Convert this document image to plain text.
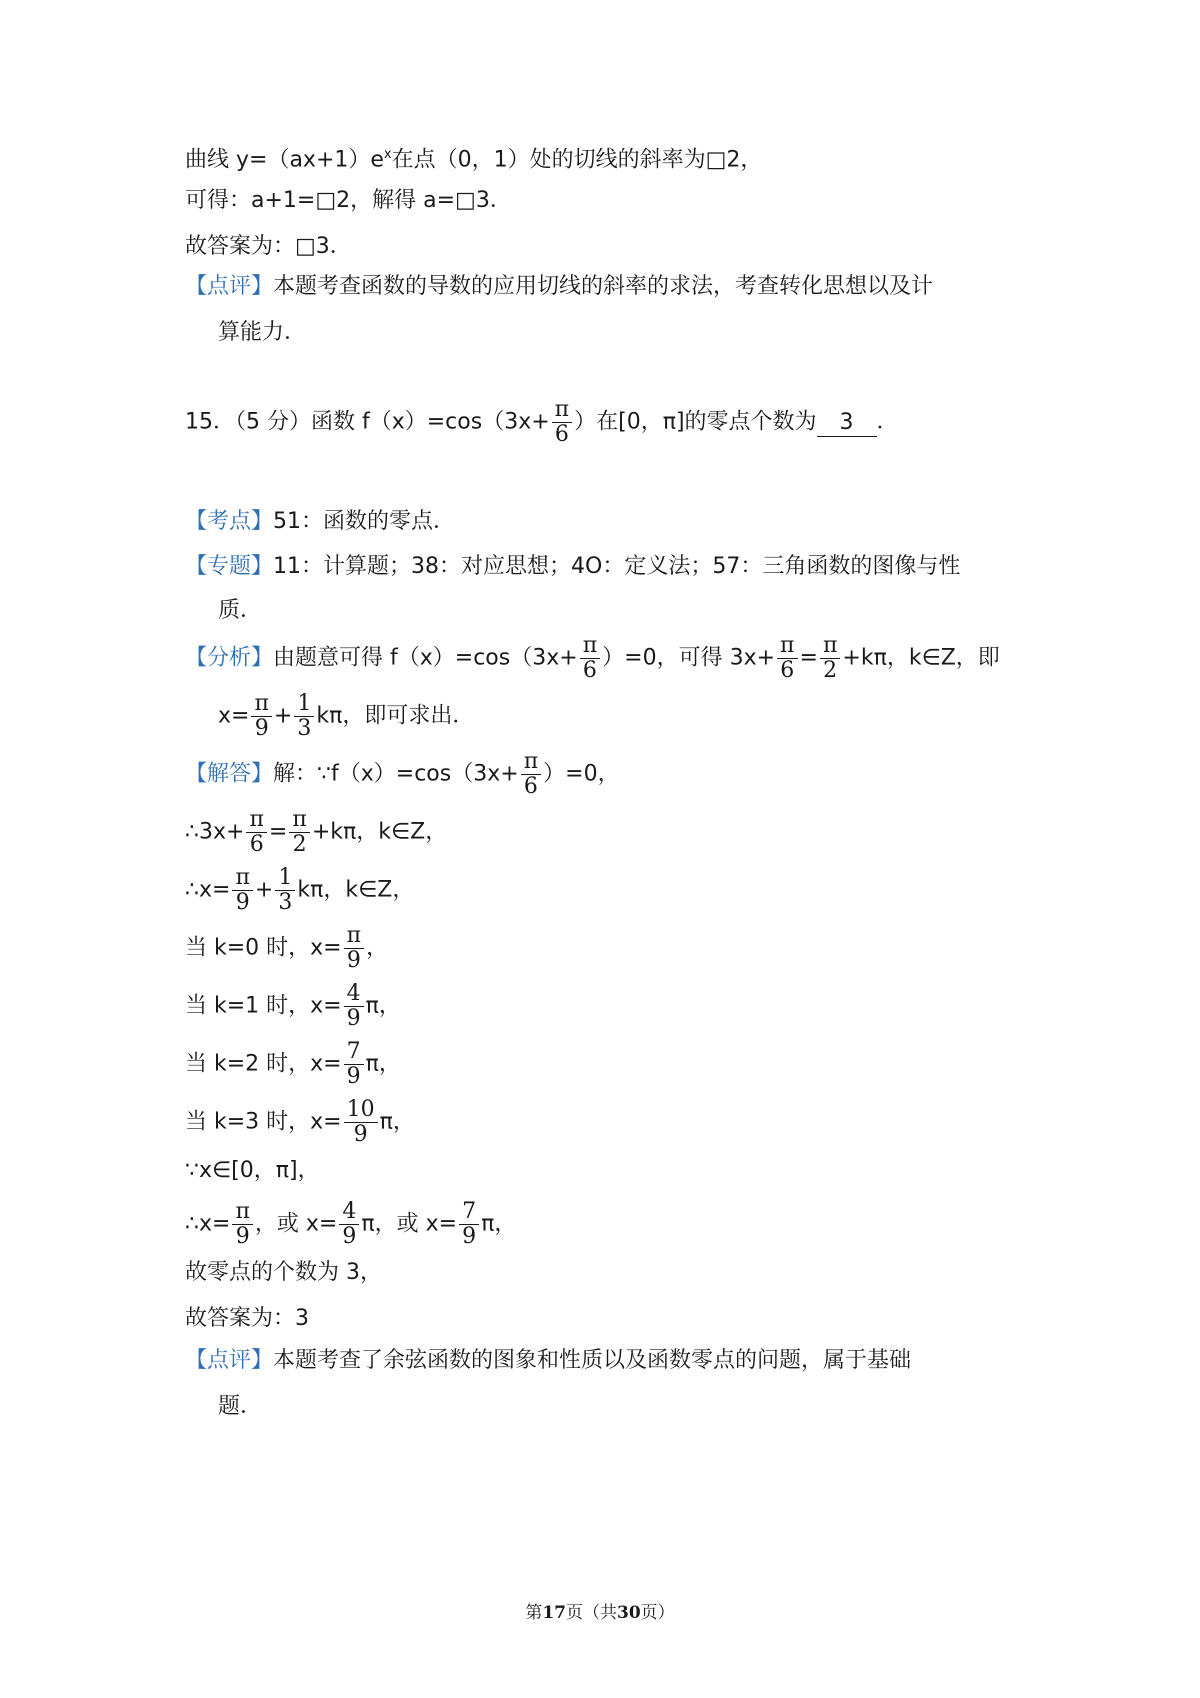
曲线 $y=(ax+1)e^x$在点（0，1）处的切线的斜率为□2，
可得：a+1=□2，解得 a=□3．
故答案为：□3．
【点评】本题考查函数的导数的应用切线的斜率的求法，考查转化思想以及计
算能力．
15．（5 分）函数 $f(x)=\cos(3x+ \frac{\pi}{6}$ ）在[0，π]的零点个数为 3 ．
【考点】51：函数的零点．
【专题】11：计算题；38：对应思想；4O：定义法；57：三角函数的图像与性
质．
【分析】由题意可得 $f(x)=\cos(3x+ \frac{\pi}{6} )=0$，可得 $3x+ \frac{\pi}{6} = \frac{\pi}{2} +k\pi$，k∈Z，即
$x= \frac{\pi}{9} + \frac{1}{3}$ kπ，即可求出．
【解答】解：∵f（x）=cos（3x+ $\frac{\pi}{6} )=0$，
∴3x+ $\frac{\pi}{6} = \frac{\pi}{2} +k\pi$，k∈Z，
∴x= $\frac{\pi}{9} + \frac{1}{3}$ kπ，k∈Z，
当 k=0 时，$x= \frac{\pi}{9}$ ，
当 k=1 时，$x= \frac{4}{9}$ π，
当 k=2 时，$x= \frac{7}{9}$ π，
当 k=3 时，$x= \frac{10}{9}$ π，
∵x∈[0，π]，
∴x= $\frac{\pi}{9}$ ，或 $x= \frac{4}{9}$ π，或 $x= \frac{7}{9}$ π，
故零点的个数为 3，
故答案为：3
【点评】本题考查了余弦函数的图象和性质以及函数零点的问题，属于基础
题．
第17页（共30页）
